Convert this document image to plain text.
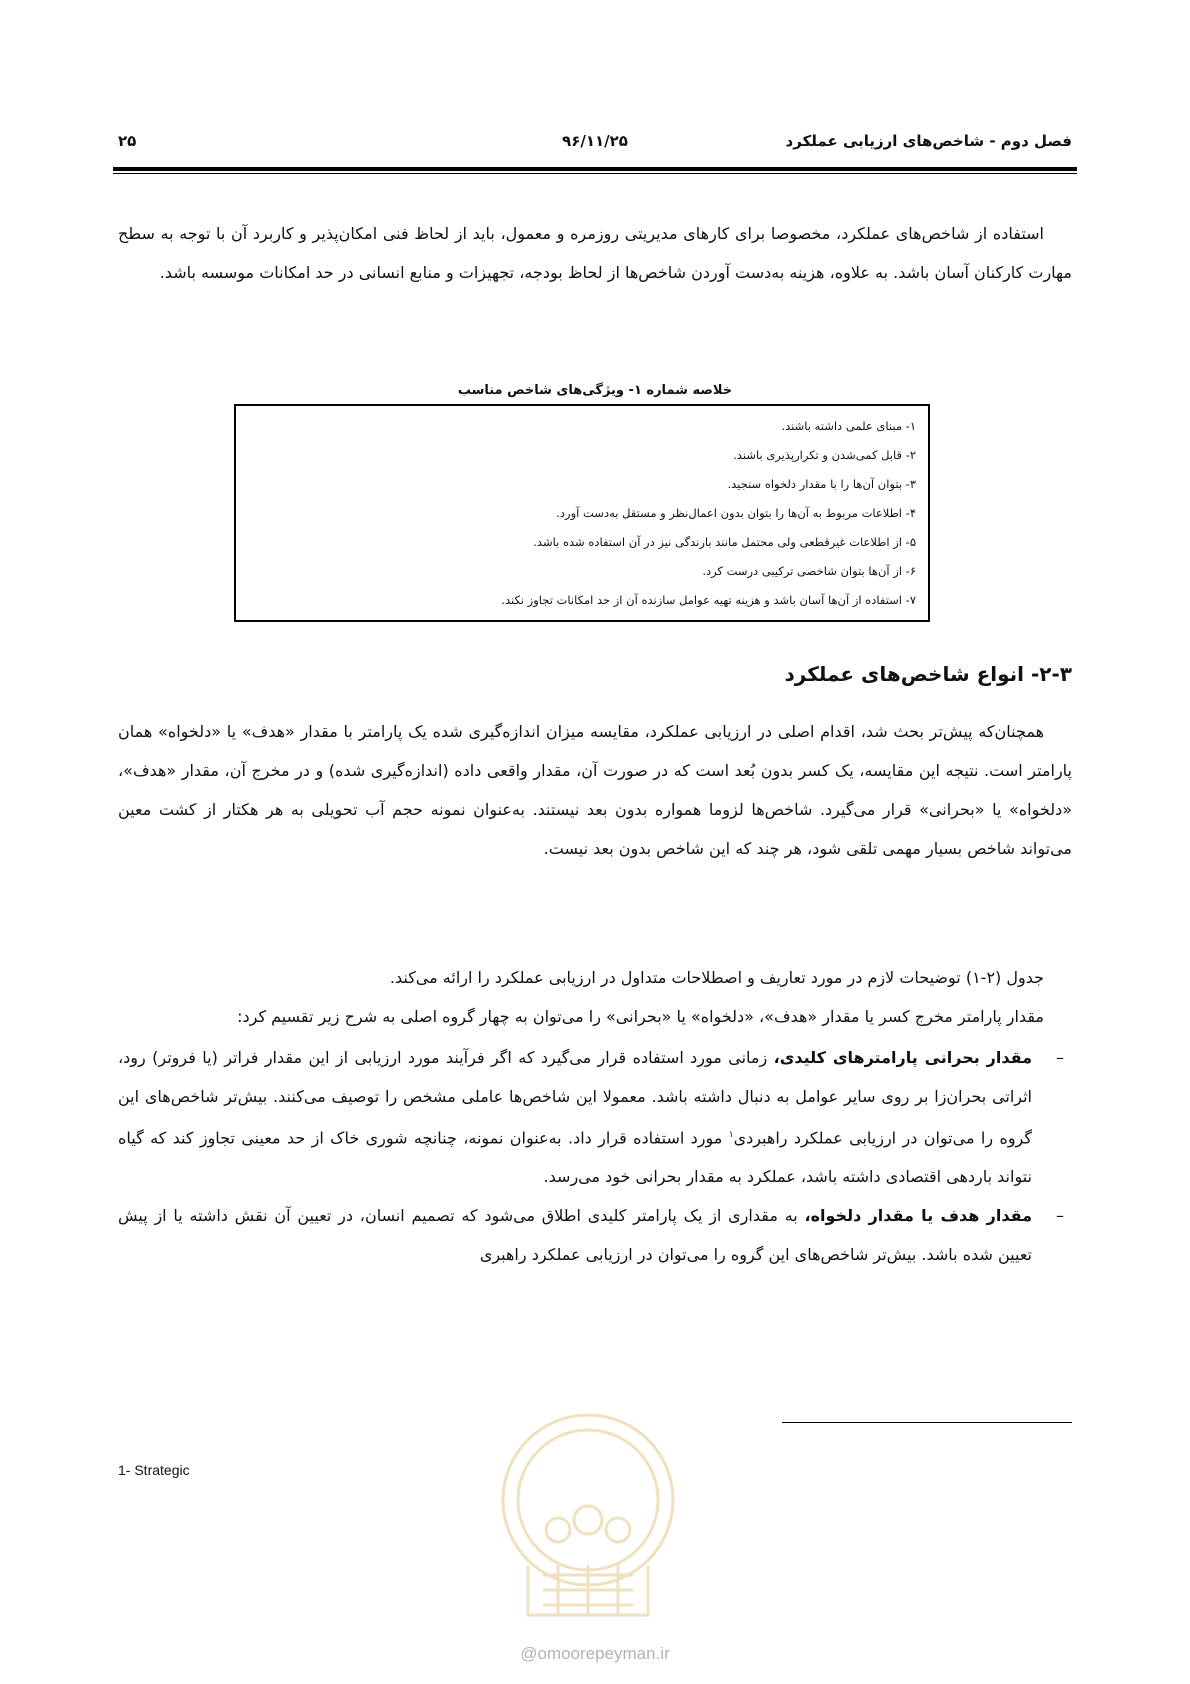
فصل دوم - شاخص‌های ارزیابی عملکرد
۹۶/۱۱/۲۵
۲۵
استفاده از شاخص‌های عملکرد، مخصوصا برای کارهای مدیریتی روزمره و معمول، باید از لحاظ فنی امکان‌پذیر و کاربرد آن با توجه به سطح مهارت کارکنان آسان باشد. به علاوه، هزینه به‌دست آوردن شاخص‌ها از لحاظ بودجه، تجهیزات و منابع انسانی در حد امکانات موسسه باشد.
خلاصه شماره ۱- ویژگی‌های شاخص مناسب
۱- مبنای علمی داشته باشند.
۲- قابل کمی‌شدن و تکرارپذیری باشند.
۳- بتوان آن‌ها را با مقدار دلخواه سنجید.
۴- اطلاعات مربوط به آن‌ها را بتوان بدون اعمال‌نظر و مستقل به‌دست آورد.
۵- از اطلاعات غیرقطعی ولی محتمل مانند بارندگی نیز در آن استفاده شده باشد.
۶- از آن‌ها بتوان شاخصی ترکیبی درست کرد.
۷- استفاده از آن‌ها آسان باشد و هزینه تهیه عوامل سازنده آن از حد امکانات تجاوز نکند.
۲-۳- انواع شاخص‌های عملکرد
همچنان‌که پیش‌تر بحث شد، اقدام اصلی در ارزیابی عملکرد، مقایسه میزان اندازه‌گیری شده یک پارامتر با مقدار «هدف» یا «دلخواه» همان پارامتر است. نتیجه این مقایسه، یک کسر بدون بُعد است که در صورت آن، مقدار واقعی داده (اندازه‌گیری شده) و در مخرج آن، مقدار «هدف»، «دلخواه» یا «بحرانی» قرار می‌گیرد. شاخص‌ها لزوما همواره بدون بعد نیستند. به‌عنوان نمونه حجم آب تحویلی به هر هکتار از کشت معین می‌تواند شاخص بسیار مهمی تلقی شود، هر چند که این شاخص بدون بعد نیست.
جدول (۲-۱) توضیحات لازم در مورد تعاریف و اصطلاحات متداول در ارزیابی عملکرد را ارائه می‌کند.
مقدار پارامتر مخرج کسر یا مقدار «هدف»، «دلخواه» یا «بحرانی» را می‌توان به چهار گروه اصلی به شرح زیر تقسیم کرد:
–
مقدار بحرانی پارامترهای کلیدی، زمانی مورد استفاده قرار می‌گیرد که اگر فرآیند مورد ارزیابی از این مقدار فراتر (یا فروتر) رود، اثراتی بحران‌زا بر روی سایر عوامل به دنبال داشته باشد. معمولا این شاخص‌ها عاملی مشخص را توصیف می‌کنند. بیش‌تر شاخص‌های این گروه را می‌توان در ارزیابی عملکرد راهبردی$^۱$ مورد استفاده قرار داد. به‌عنوان نمونه، چنانچه شوری خاک از حد معینی تجاوز کند که گیاه نتواند باردهی اقتصادی داشته باشد، عملکرد به مقدار بحرانی خود می‌رسد.
–
مقدار هدف یا مقدار دلخواه، به مقداری از یک پارامتر کلیدی اطلاق می‌شود که تصمیم انسان، در تعیین آن نقش داشته یا از پیش تعیین شده باشد. بیش‌تر شاخص‌های این گروه را می‌توان در ارزیابی عملکرد راهبری
1- Strategic
@omoorepeyman.ir
